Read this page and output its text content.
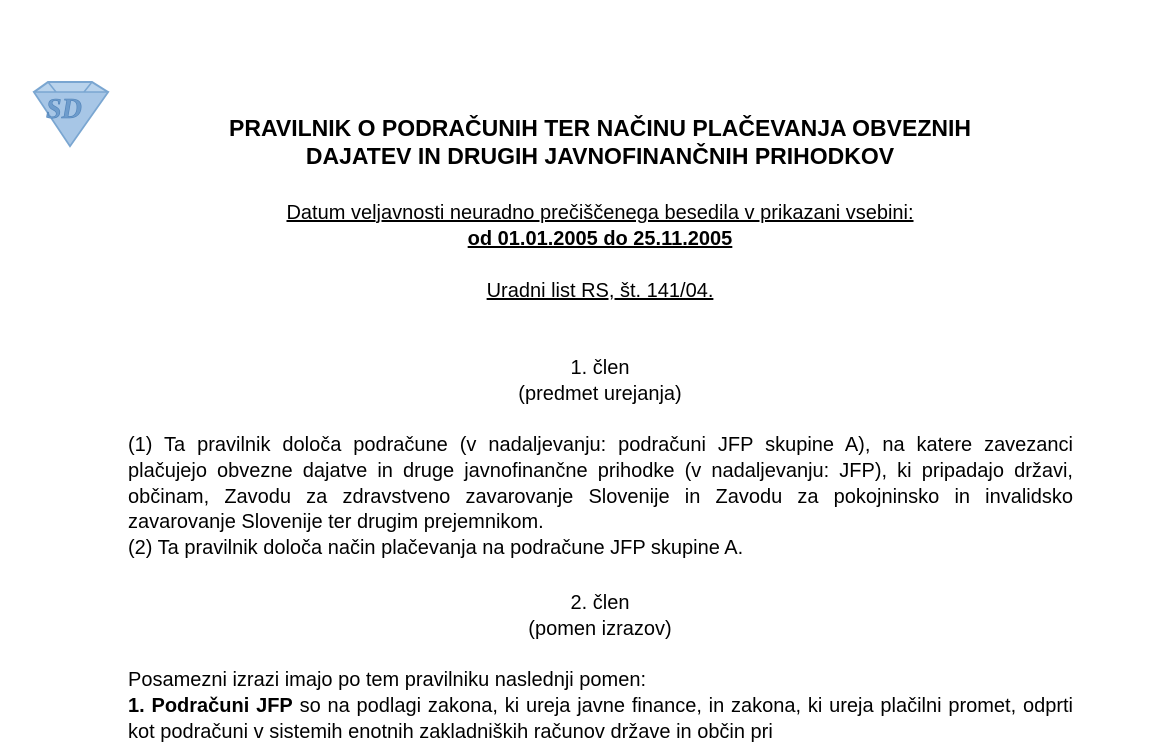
SD
PRAVILNIK O PODRAČUNIH TER NAČINU PLAČEVANJA OBVEZNIH
DAJATEV IN DRUGIH JAVNOFINANČNIH PRIHODKOV
Datum veljavnosti neuradno prečiščenega besedila v prikazani vsebini:
od 01.01.2005 do 25.11.2005
Uradni list RS, št. 141/04.
1. člen
(predmet urejanja)

(1) Ta pravilnik določa podračune (v nadaljevanju: podračuni JFP skupine A), na katere zavezanci plačujejo obvezne dajatve in druge javnofinančne prihodke (v nadaljevanju: JFP), ki pripadajo državi, občinam, Zavodu za zdravstveno zavarovanje Slovenije in Zavodu za pokojninsko in invalidsko zavarovanje Slovenije ter drugim prejemnikom.

(2) Ta pravilnik določa način plačevanja na podračune JFP skupine A.

2. člen
(pomen izrazov)

Posamezni izrazi imajo po tem pravilniku naslednji pomen:

1. Podračuni JFP so na podlagi zakona, ki ureja javne finance, in zakona, ki ureja plačilni promet, odprti kot podračuni v sistemih enotnih zakladniških računov države in občin pri
